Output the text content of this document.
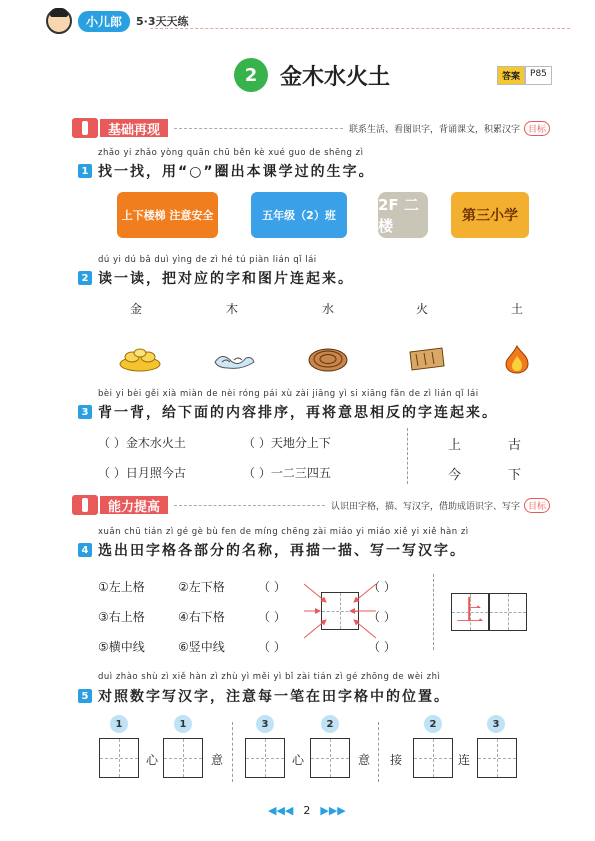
小儿郎	5·3天天练
2	金木水火土	答案	P85
基础再现	联系生活、看图识字，背诵课文，积累汉字 目标
zhǎo yi zhǎo yòng quān chū běn kè xué guo de shēng zì
1 找一找，用“○”圈出本课学过的生字。
上下楼梯 注意安全	五年级（2）班
2F 二楼
第三小学
dú yi dú bǎ duì yìng de zì hé tú piàn lián qǐ lái
2 读一读，把对应的字和图片连起来。
金	木	水	火	土
bèi yi bèi gěi xià miàn de nèi róng pái xù zài jiāng yì si xiāng fǎn de zì lián qǐ lái
3 背一背，给下面的内容排序，再将意思相反的字连起来。
（ ）金木水火土	（ ）天地分上下
（ ）日月照今古	（ ）一二三四五
上	古
今	下
能力提高	认识田字格，描、写汉字，借助成语识字、写字 目标
xuǎn chū tián zì gé gè bù fen de míng chēng zài miáo yi miáo xiě yi xiě hàn zì
4 选出田字格各部分的名称，再描一描、写一写汉字。
①左上格	②左下格
③右上格	④右下格
⑤横中线	⑥竖中线
（ ）
（ ）
（ ）
（ ）
（ ）
（ ）
上
duì zhào shù zì xiě hàn zì zhù yì měi yì bǐ zài tián zì gé zhōng de wèi zhì
5 对照数字写汉字，注意每一笔在田字格中的位置。
1	1	3	2	2	3
心	意	心	意 接	连
◀◀◀ 2 ▶▶▶
